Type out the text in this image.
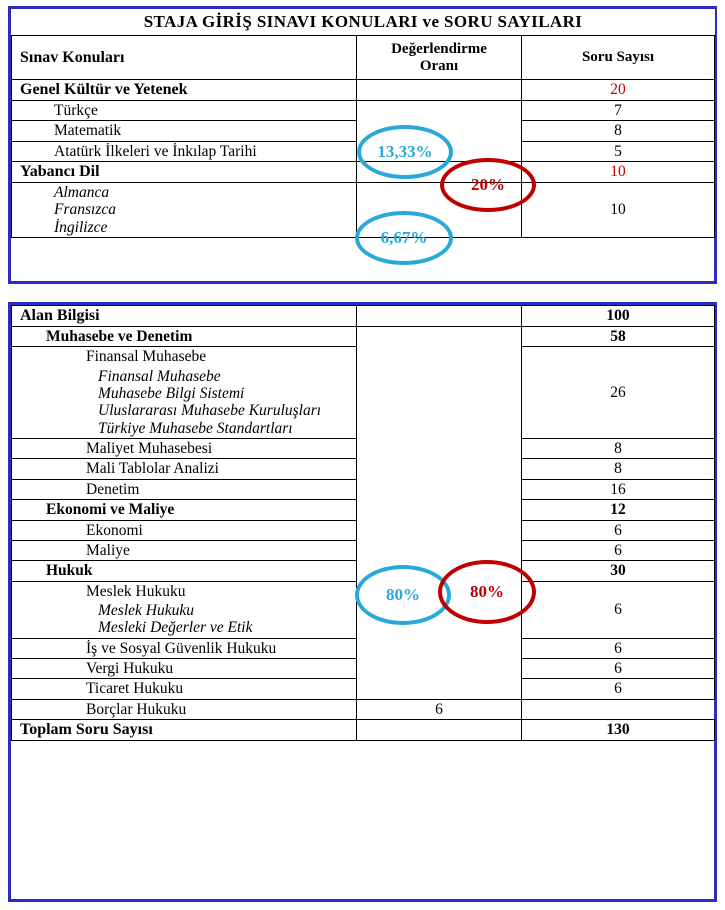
STAJA GİRİŞ SINAVI KONULARI ve SORU SAYILARI		
Sınav Konuları	Değerlendirme
Oranı	Soru Sayısı
Genel Kültür ve Yetenek		20
Türkçe		7
Matematik		8
Atatürk İlkeleri ve İnkılap Tarihi		5
Yabancı Dil		10

Almanca
Fransızca
İngilizce		10
Alan Bilgisi		100
Muhasebe ve Denetim		58
Finansal Muhasebe		26

Finansal Muhasebe
Muhasebe Bilgi Sistemi
Uluslararası Muhasebe Kuruluşları
Türkiye Muhasebe Standartları		

Maliyet Muhasebesi		8
Mali Tablolar Analizi		8
Denetim		16
Ekonomi ve Maliye		12
Ekonomi		6
Maliye		6
Hukuk		30
Meslek Hukuku		6

Meslek Hukuku
Mesleki Değerler ve Etik		

İş ve Sosyal Güvenlik Hukuku		6
Vergi Hukuku		6
Ticaret Hukuku		6
Borçlar Hukuku	6	
Toplam Soru Sayısı		130
13,33%
20%
6,67%
80%	80%
